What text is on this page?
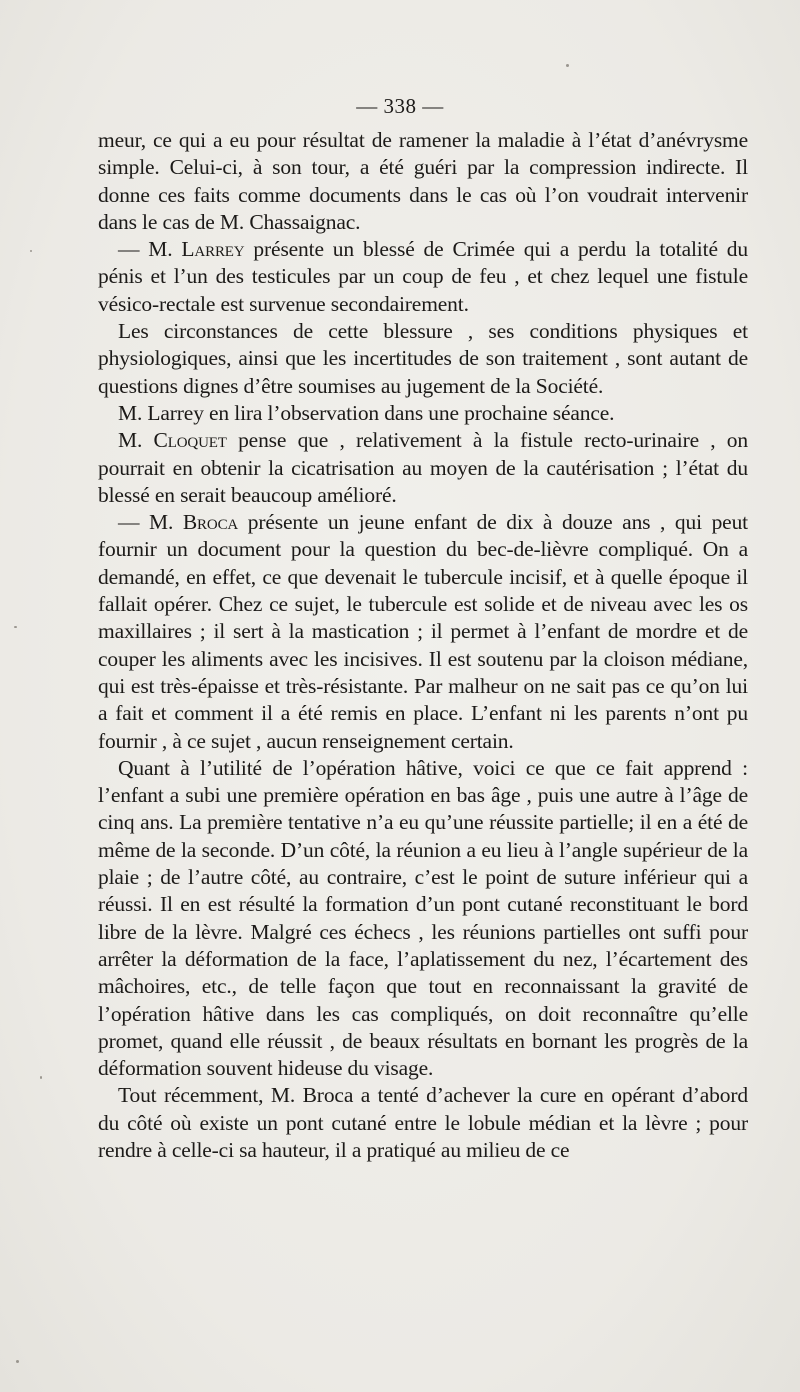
— 338 —

meur, ce qui a eu pour résultat de ramener la maladie à l’état d’anévrysme simple. Celui-ci, à son tour, a été guéri par la compression indirecte. Il donne ces faits comme documents dans le cas où l’on voudrait intervenir dans le cas de M. Chassaignac.

— M. Larrey présente un blessé de Crimée qui a perdu la totalité du pénis et l’un des testicules par un coup de feu , et chez lequel une fistule vésico-rectale est survenue secondairement.

Les circonstances de cette blessure , ses conditions physiques et physiologiques, ainsi que les incertitudes de son traitement , sont autant de questions dignes d’être soumises au jugement de la Société.

M. Larrey en lira l’observation dans une prochaine séance.

M. Cloquet pense que , relativement à la fistule recto-urinaire , on pourrait en obtenir la cicatrisation au moyen de la cautérisation ; l’état du blessé en serait beaucoup amélioré.

— M. Broca présente un jeune enfant de dix à douze ans , qui peut fournir un document pour la question du bec-de-lièvre compliqué. On a demandé, en effet, ce que devenait le tubercule incisif, et à quelle époque il fallait opérer. Chez ce sujet, le tubercule est solide et de niveau avec les os maxillaires ; il sert à la mastication ; il permet à l’enfant de mordre et de couper les aliments avec les incisives. Il est soutenu par la cloison médiane, qui est très-épaisse et très-résistante. Par malheur on ne sait pas ce qu’on lui a fait et comment il a été remis en place. L’enfant ni les parents n’ont pu fournir , à ce sujet , aucun renseignement certain.

Quant à l’utilité de l’opération hâtive, voici ce que ce fait apprend : l’enfant a subi une première opération en bas âge , puis une autre à l’âge de cinq ans. La première tentative n’a eu qu’une réussite partielle; il en a été de même de la seconde. D’un côté, la réunion a eu lieu à l’angle supérieur de la plaie ; de l’autre côté, au contraire, c’est le point de suture inférieur qui a réussi. Il en est résulté la formation d’un pont cutané reconstituant le bord libre de la lèvre. Malgré ces échecs , les réunions partielles ont suffi pour arrêter la déformation de la face, l’aplatissement du nez, l’écartement des mâchoires, etc., de telle façon que tout en reconnaissant la gravité de l’opération hâtive dans les cas compliqués, on doit reconnaître qu’elle promet, quand elle réussit , de beaux résultats en bornant les progrès de la déformation souvent hideuse du visage.

Tout récemment, M. Broca a tenté d’achever la cure en opérant d’abord du côté où existe un pont cutané entre le lobule médian et la lèvre ; pour rendre à celle-ci sa hauteur, il a pratiqué au milieu de ce
